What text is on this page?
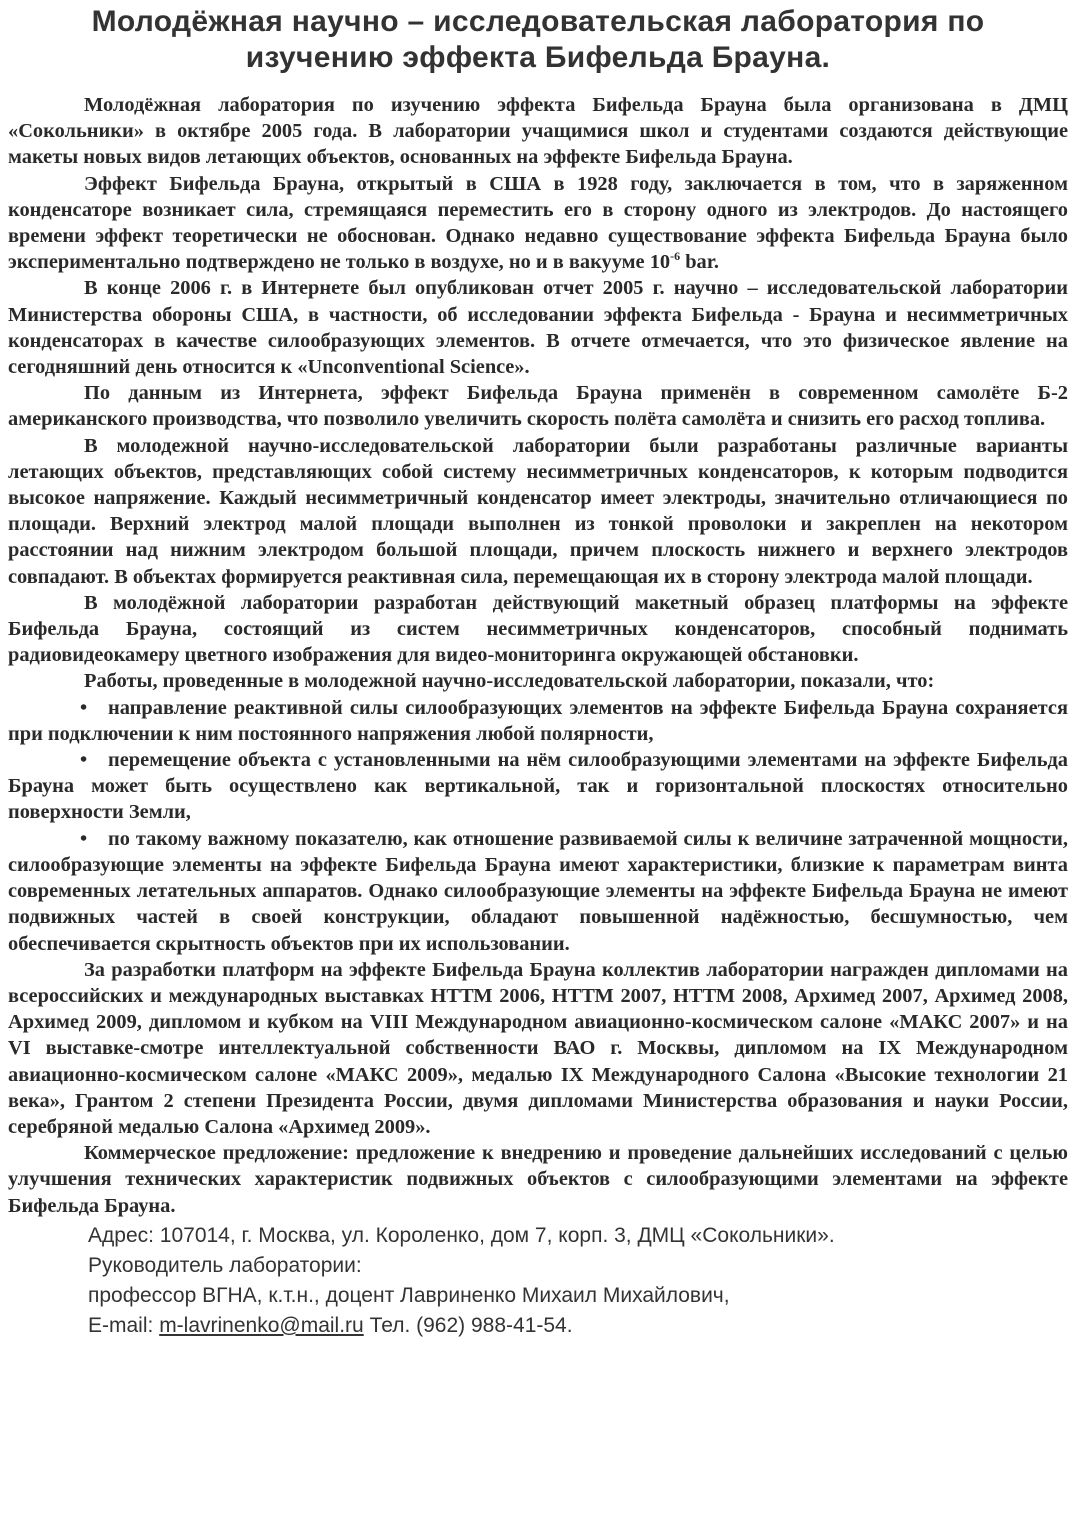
Молодёжная научно – исследовательская лаборатория по
изучению эффекта Бифельда Брауна.

Молодёжная лаборатория по изучению эффекта Бифельда Брауна была организована в ДМЦ «Сокольники» в октябре 2005 года. В лаборатории учащимися школ и студентами создаются действующие макеты новых видов летающих объектов, основанных на эффекте Бифельда Брауна.

Эффект Бифельда Брауна, открытый в США в 1928 году, заключается в том, что в заряженном конденсаторе возникает сила, стремящаяся переместить его в сторону одного из электродов. До настоящего времени эффект теоретически не обоснован. Однако недавно существование эффекта Бифельда Брауна было экспериментально подтверждено не только в воздухе, но и в вакууме $10^{-6}$ bar.

В конце 2006 г. в Интернете был опубликован отчет 2005 г. научно – исследовательской лаборатории Министерства обороны США, в частности, об исследовании эффекта Бифельда - Брауна и несимметричных конденсаторах в качестве силообразующих элементов. В отчете отмечается, что это физическое явление на сегодняшний день относится к «Unconventional Science».

По данным из Интернета, эффект Бифельда Брауна применён в современном самолёте Б-2 американского производства, что позволило увеличить скорость полёта самолёта и снизить его расход топлива.

В молодежной научно-исследовательской лаборатории были разработаны различные варианты летающих объектов, представляющих собой систему несимметричных конденсаторов, к которым подводится высокое напряжение. Каждый несимметричный конденсатор имеет электроды, значительно отличающиеся по площади. Верхний электрод малой площади выполнен из тонкой проволоки и закреплен на некотором расстоянии над нижним электродом большой площади, причем плоскость нижнего и верхнего электродов совпадают. В объектах формируется реактивная сила, перемещающая их в сторону электрода малой площади.

В молодёжной лаборатории разработан действующий макетный образец платформы на эффекте Бифельда Брауна, состоящий из систем несимметричных конденсаторов, способный поднимать радиовидеокамеру цветного изображения для видео-мониторинга окружающей обстановки.

Работы, проведенные в молодежной научно-исследовательской лаборатории, показали, что:

• направление реактивной силы силообразующих элементов на эффекте Бифельда Брауна сохраняется при подключении к ним постоянного напряжения любой полярности,

• перемещение объекта с установленными на нём силообразующими элементами на эффекте Бифельда Брауна может быть осуществлено как вертикальной, так и горизонтальной плоскостях относительно поверхности Земли,

• по такому важному показателю, как отношение развиваемой силы к величине затраченной мощности, силообразующие элементы на эффекте Бифельда Брауна имеют характеристики, близкие к параметрам винта современных летательных аппаратов. Однако силообразующие элементы на эффекте Бифельда Брауна не имеют подвижных частей в своей конструкции, обладают повышенной надёжностью, бесшумностью, чем обеспечивается скрытность объектов при их использовании.

За разработки платформ на эффекте Бифельда Брауна коллектив лаборатории награжден дипломами на всероссийских и международных выставках НТТМ 2006, НТТМ 2007, НТТМ 2008, Архимед 2007, Архимед 2008, Архимед 2009, дипломом и кубком на VIII Международном авиационно-космическом салоне «МАКС 2007» и на VI выставке-смотре интеллектуальной собственности ВАО г. Москвы, дипломом на IX Международном авиационно-космическом салоне «МАКС 2009», медалью IX Международного Салона «Высокие технологии 21 века», Грантом 2 степени Президента России, двумя дипломами Министерства образования и науки России, серебряной медалью Салона «Архимед 2009».

Коммерческое предложение: предложение к внедрению и проведение дальнейших исследований с целью улучшения технических характеристик подвижных объектов с силообразующими элементами на эффекте Бифельда Брауна.

Адрес: 107014, г. Москва, ул. Короленко, дом 7, корп. 3, ДМЦ «Сокольники».
Руководитель лаборатории:
профессор ВГНА, к.т.н., доцент Лавриненко Михаил Михайлович,
E-mail: m-lavrinenko@mail.ru Тел. (962) 988-41-54.
